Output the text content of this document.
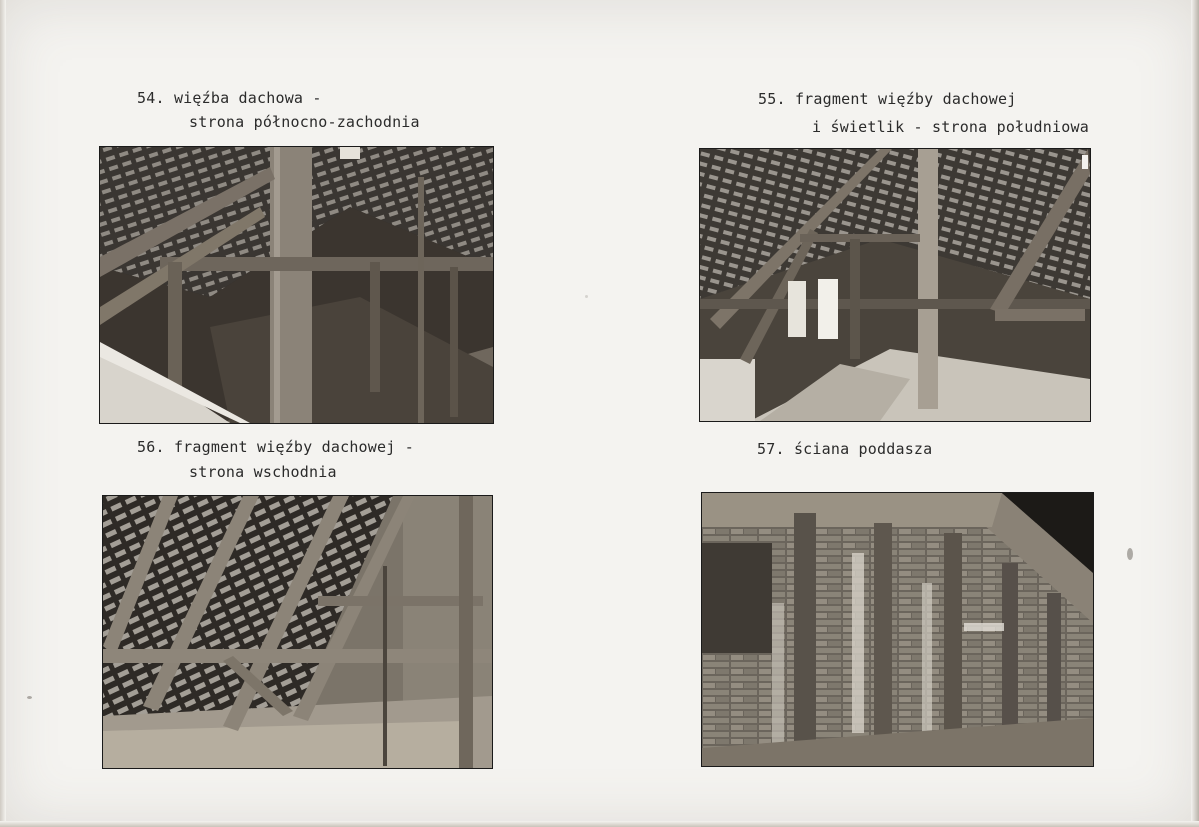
54. więźba dachowa -
strona północno-zachodnia
55. fragment więźby dachowej
i świetlik - strona południowa
56. fragment więźby dachowej -
strona wschodnia
57. ściana poddasza
